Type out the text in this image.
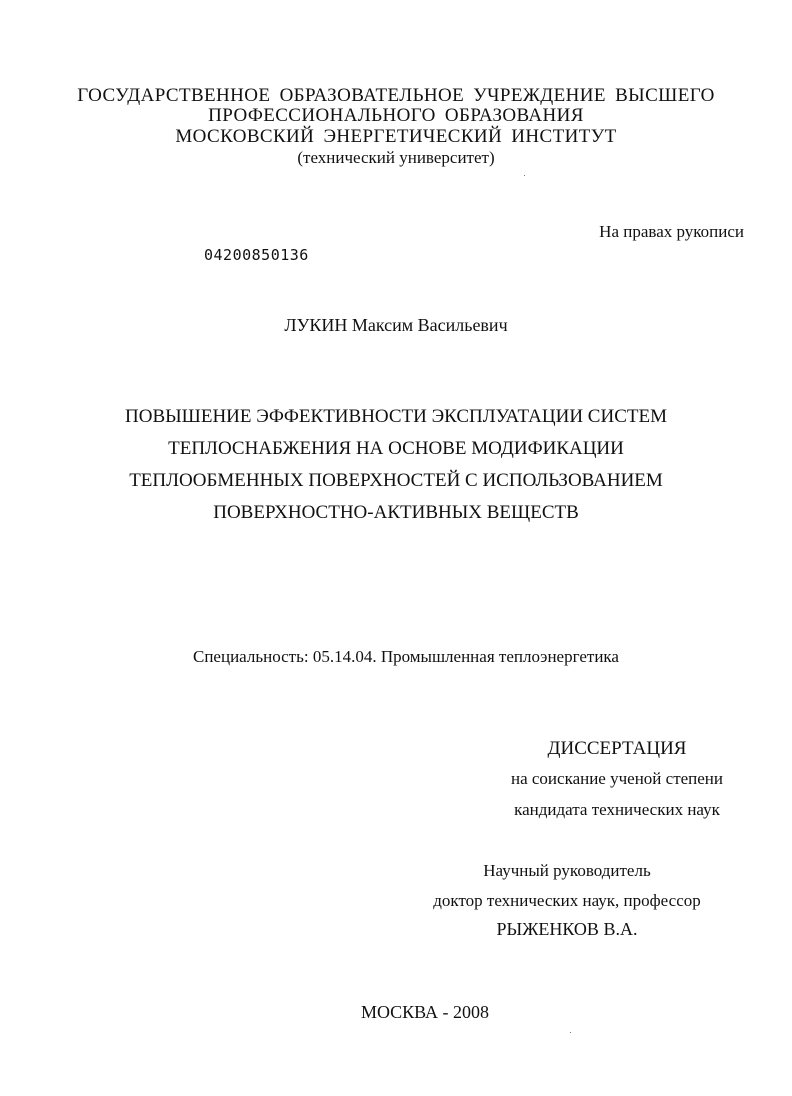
ГОСУДАРСТВЕННОЕ ОБРАЗОВАТЕЛЬНОЕ УЧРЕЖДЕНИЕ ВЫСШЕГО
ПРОФЕССИОНАЛЬНОГО ОБРАЗОВАНИЯ
МОСКОВСКИЙ ЭНЕРГЕТИЧЕСКИЙ ИНСТИТУТ
(технический университет)
На правах рукописи
04200850136
ЛУКИН Максим Васильевич
ПОВЫШЕНИЕ ЭФФЕКТИВНОСТИ ЭКСПЛУАТАЦИИ СИСТЕМ
ТЕПЛОСНАБЖЕНИЯ НА ОСНОВЕ МОДИФИКАЦИИ
ТЕПЛООБМЕННЫХ ПОВЕРХНОСТЕЙ С ИСПОЛЬЗОВАНИЕМ
ПОВЕРХНОСТНО-АКТИВНЫХ ВЕЩЕСТВ
Специальность: 05.14.04. Промышленная теплоэнергетика
ДИССЕРТАЦИЯ
на соискание ученой степени
кандидата технических наук
Научный руководитель
доктор технических наук, профессор
РЫЖЕНКОВ В.А.
МОСКВА - 2008
